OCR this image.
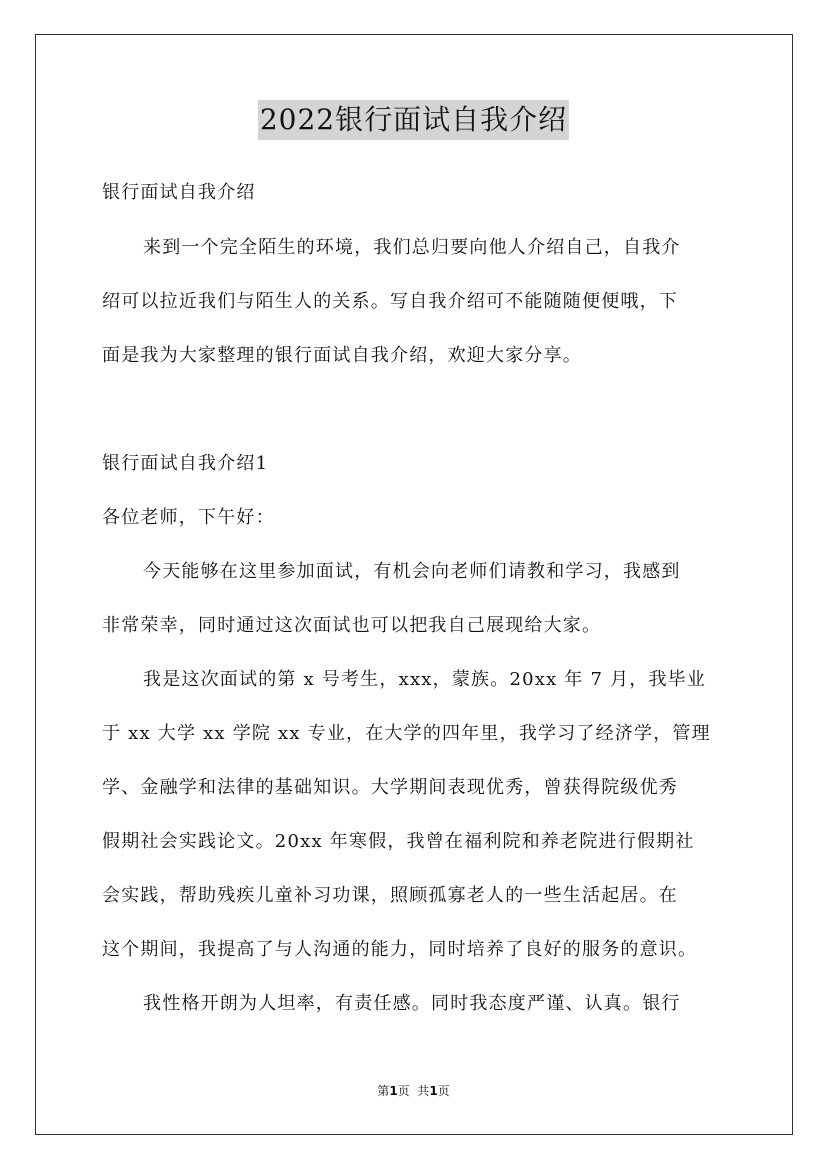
2022银行面试自我介绍
银行面试自我介绍
来到一个完全陌生的环境，我们总归要向他人介绍自己，自我介
绍可以拉近我们与陌生人的关系。写自我介绍可不能随随便便哦，下
面是我为大家整理的银行面试自我介绍，欢迎大家分享。
银行面试自我介绍1
各位老师，下午好：
今天能够在这里参加面试，有机会向老师们请教和学习，我感到
非常荣幸，同时通过这次面试也可以把我自己展现给大家。
我是这次面试的第 x 号考生，xxx，蒙族。20xx 年 7 月，我毕业
于 xx 大学 xx 学院 xx 专业，在大学的四年里，我学习了经济学，管理
学、金融学和法律的基础知识。大学期间表现优秀，曾获得院级优秀
假期社会实践论文。20xx 年寒假，我曾在福利院和养老院进行假期社
会实践，帮助残疾儿童补习功课，照顾孤寡老人的一些生活起居。在
这个期间，我提高了与人沟通的能力，同时培养了良好的服务的意识。
我性格开朗为人坦率，有责任感。同时我态度严谨、认真。银行
第1页  共1页
